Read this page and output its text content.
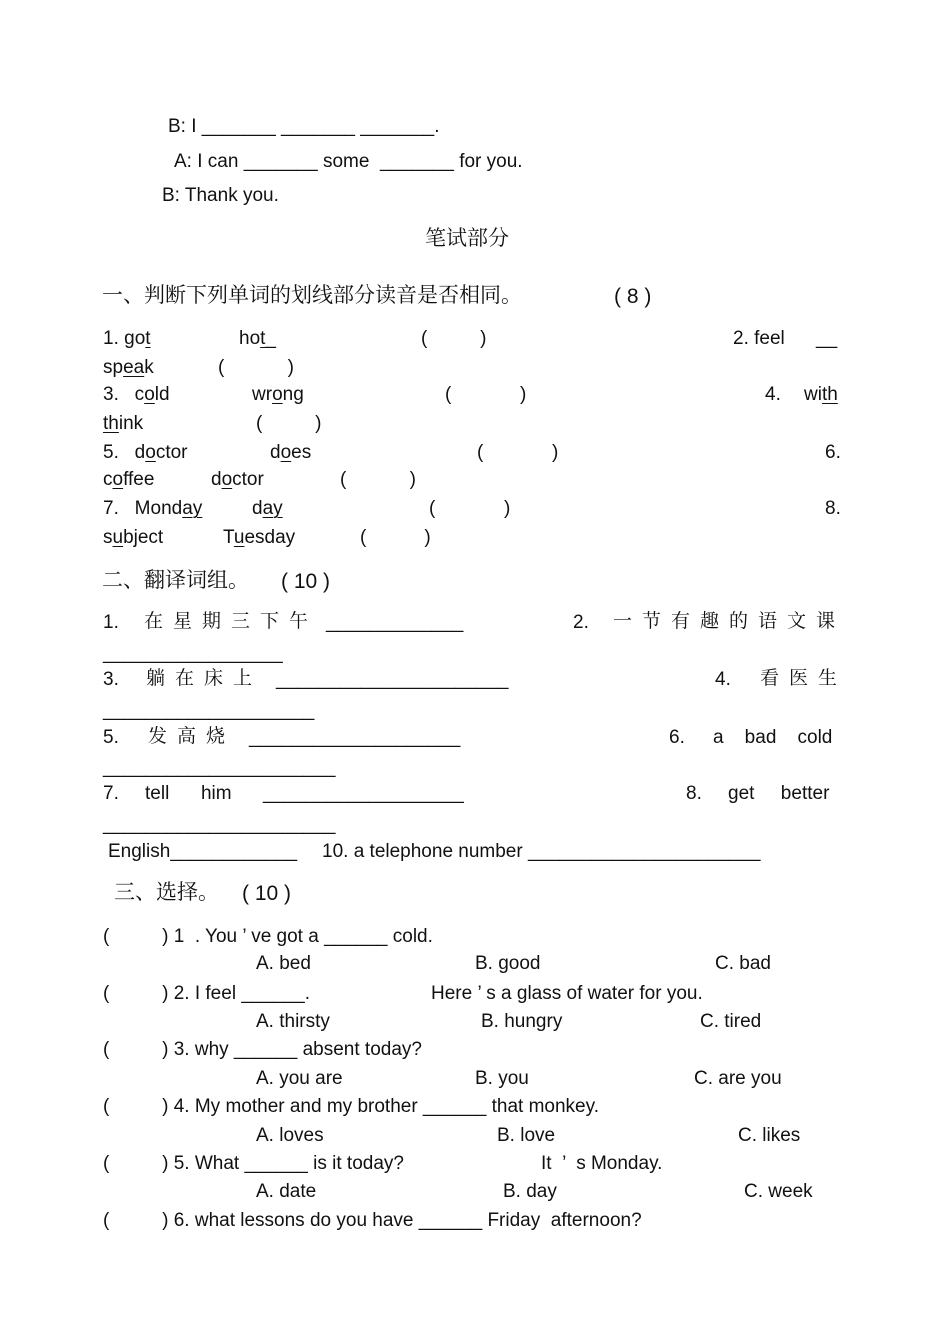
B: I _______ _______ _______.
A: I can _______ some  _______ for you.
B: Thank you.
笔试部分
一、判断下列单词的划线部分读音是否相同。	( 8 )
1. got	hot_	(          )	2. feel __
speak	(            )
3.   cold	wrong	(             )	4. with
think	(          )
5.   doctor	does	(             )	6.
coffee	doctor	(            )
7.   Monday	day	(             )	8.
subject	Tuesday	(           )
二、翻译词组。 ( 10 )
1. 在星期三下午 _____________	2. 一节有趣的语文课
_________________
3. 躺在床上 ______________________	4. 看医生
____________________
5. 发高烧 ____________________	6. a    bad    cold
______________________
7. tell      him ___________________	8. get     better
______________________
English____________ 10. a telephone number ______________________
三、选择。 ( 10 )
(          ) 1  . You ’ ve got a ______ cold.
A. bed	B. good	C. bad
(          ) 2. I feel ______.	Here ’ s a glass of water for you.
A. thirsty	B. hungry	C. tired
(          ) 3. why ______ absent today?
A. you are	B. you	C. are you
(          ) 4. My mother and my brother ______ that monkey.
A. loves	B. love	C. likes
(          ) 5. What ______ is it today?	It  ’  s Monday.
A. date	B. day	C. week
(          ) 6. what lessons do you have ______ Friday  afternoon?
